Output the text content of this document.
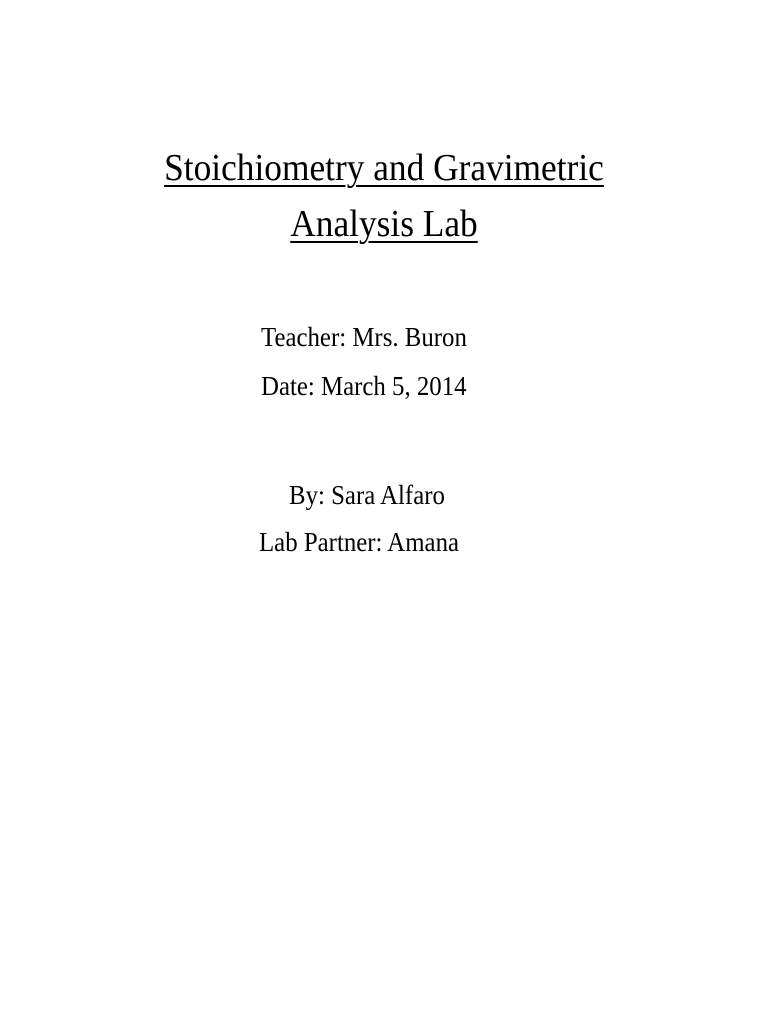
Stoichiometry and Gravimetric
Analysis Lab
Teacher: Mrs. Buron
Date: March 5, 2014
By: Sara Alfaro
Lab Partner: Amana
